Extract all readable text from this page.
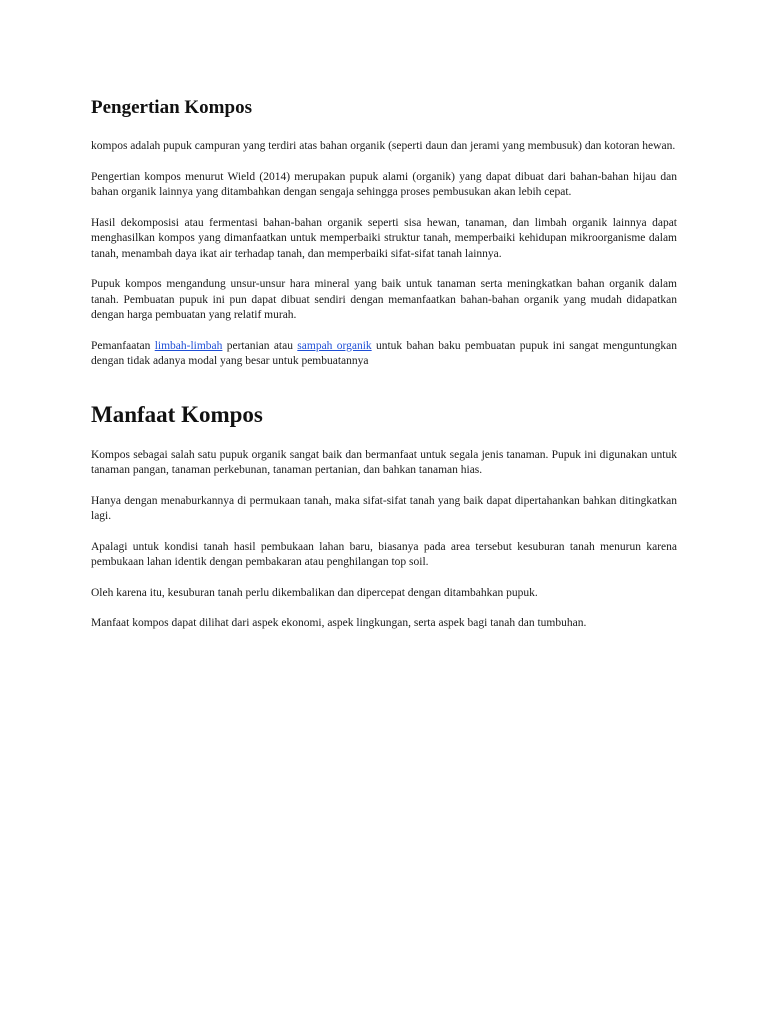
Pengertian Kompos

kompos adalah pupuk campuran yang terdiri atas bahan organik (seperti daun dan jerami yang membusuk) dan kotoran hewan.

Pengertian kompos menurut Wield (2014) merupakan pupuk alami (organik) yang dapat dibuat dari bahan-bahan hijau dan bahan organik lainnya yang ditambahkan dengan sengaja sehingga proses pembusukan akan lebih cepat.

Hasil dekomposisi atau fermentasi bahan-bahan organik seperti sisa hewan, tanaman, dan limbah organik lainnya dapat menghasilkan kompos yang dimanfaatkan untuk memperbaiki struktur tanah, memperbaiki kehidupan mikroorganisme dalam tanah, menambah daya ikat air terhadap tanah, dan memperbaiki sifat-sifat tanah lainnya.

Pupuk kompos mengandung unsur-unsur hara mineral yang baik untuk tanaman serta meningkatkan bahan organik dalam tanah. Pembuatan pupuk ini pun dapat dibuat sendiri dengan memanfaatkan bahan-bahan organik yang mudah didapatkan dengan harga pembuatan yang relatif murah.

Pemanfaatan limbah-limbah pertanian atau sampah organik untuk bahan baku pembuatan pupuk ini sangat menguntungkan dengan tidak adanya modal yang besar untuk pembuatannya

Manfaat Kompos

Kompos sebagai salah satu pupuk organik sangat baik dan bermanfaat untuk segala jenis tanaman. Pupuk ini digunakan untuk tanaman pangan, tanaman perkebunan, tanaman pertanian, dan bahkan tanaman hias.

Hanya dengan menaburkannya di permukaan tanah, maka sifat-sifat tanah yang baik dapat dipertahankan bahkan ditingkatkan lagi.

Apalagi untuk kondisi tanah hasil pembukaan lahan baru, biasanya pada area tersebut kesuburan tanah menurun karena pembukaan lahan identik dengan pembakaran atau penghilangan top soil.

Oleh karena itu, kesuburan tanah perlu dikembalikan dan dipercepat dengan ditambahkan pupuk.

Manfaat kompos dapat dilihat dari aspek ekonomi, aspek lingkungan, serta aspek bagi tanah dan tumbuhan.
